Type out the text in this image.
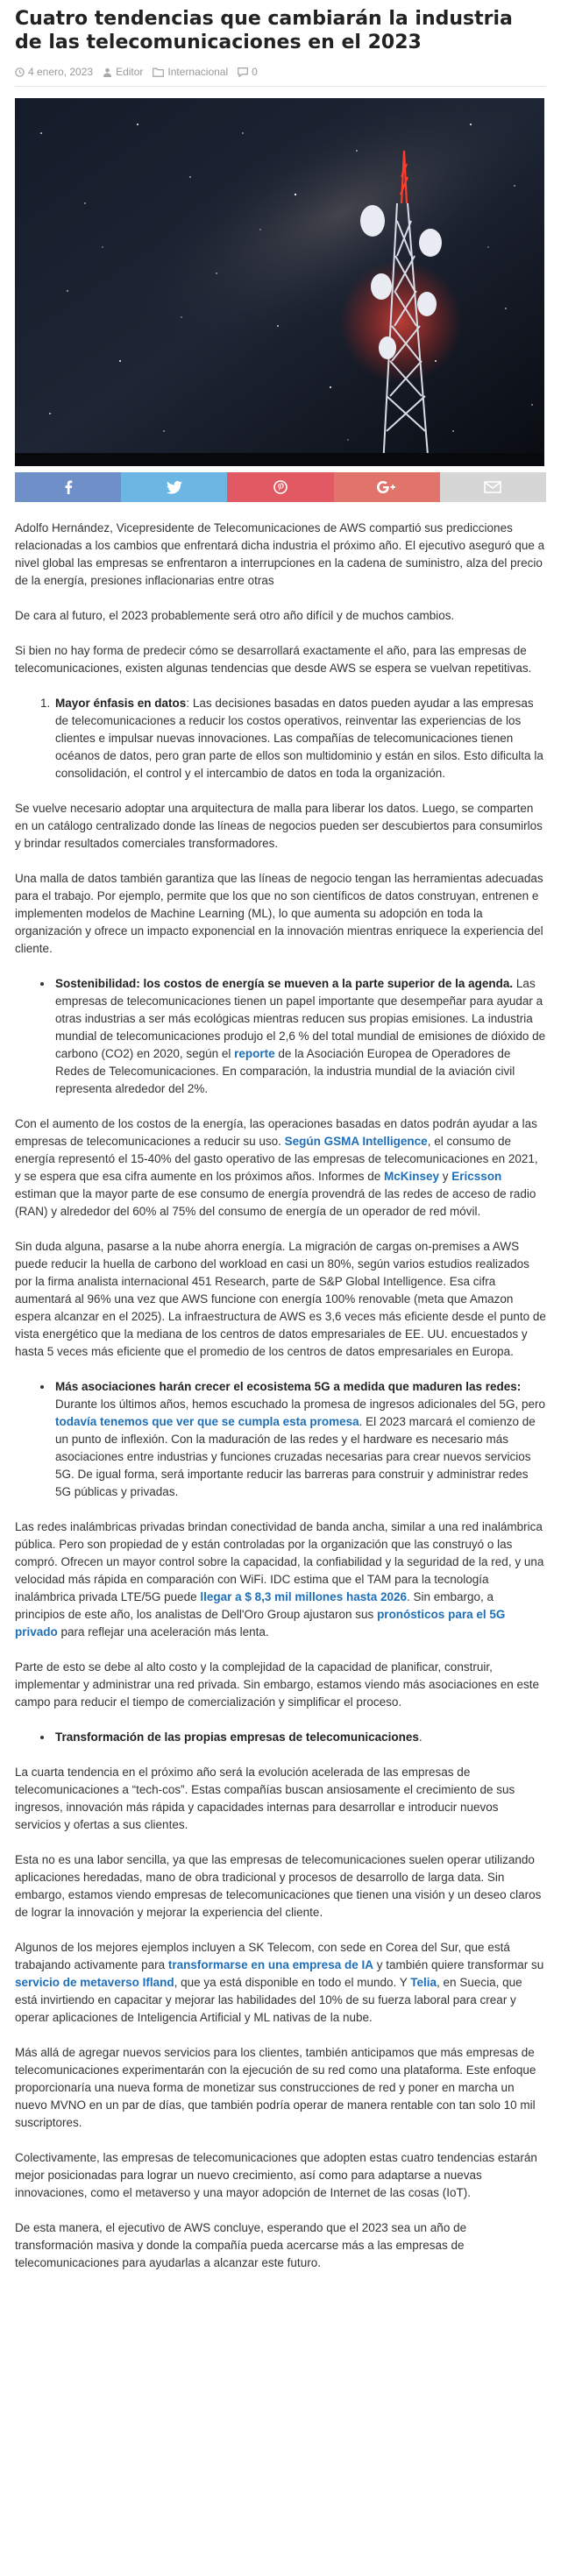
Cuatro tendencias que cambiarán la industria de las telecomunicaciones en el 2023
4 enero, 2023 Editor Internacional 0

Adolfo Hernández, Vicepresidente de Telecomunicaciones de AWS compartió sus predicciones relacionadas a los cambios que enfrentará dicha industria el próximo año. El ejecutivo aseguró que a nivel global las empresas se enfrentaron a interrupciones en la cadena de suministro, alza del precio de la energía, presiones inflacionarias entre otras

De cara al futuro, el 2023 probablemente será otro año difícil y de muchos cambios.

Si bien no hay forma de predecir cómo se desarrollará exactamente el año, para las empresas de telecomunicaciones, existen algunas tendencias que desde AWS se espera se vuelvan repetitivas.

1. Mayor énfasis en datos: Las decisiones basadas en datos pueden ayudar a las empresas de telecomunicaciones a reducir los costos operativos, reinventar las experiencias de los clientes e impulsar nuevas innovaciones. Las compañías de telecomunicaciones tienen océanos de datos, pero gran parte de ellos son multidominio y están en silos. Esto dificulta la consolidación, el control y el intercambio de datos en toda la organización.

Se vuelve necesario adoptar una arquitectura de malla para liberar los datos. Luego, se comparten en un catálogo centralizado donde las líneas de negocios pueden ser descubiertos para consumirlos y brindar resultados comerciales transformadores.

Una malla de datos también garantiza que las líneas de negocio tengan las herramientas adecuadas para el trabajo. Por ejemplo, permite que los que no son científicos de datos construyan, entrenen e implementen modelos de Machine Learning (ML), lo que aumenta su adopción en toda la organización y ofrece un impacto exponencial en la innovación mientras enriquece la experiencia del cliente.

• Sostenibilidad: los costos de energía se mueven a la parte superior de la agenda. Las empresas de telecomunicaciones tienen un papel importante que desempeñar para ayudar a otras industrias a ser más ecológicas mientras reducen sus propias emisiones. La industria mundial de telecomunicaciones produjo el 2,6 % del total mundial de emisiones de dióxido de carbono (CO2) en 2020, según el reporte de la Asociación Europea de Operadores de Redes de Telecomunicaciones. En comparación, la industria mundial de la aviación civil representa alrededor del 2%.

Con el aumento de los costos de la energía, las operaciones basadas en datos podrán ayudar a las empresas de telecomunicaciones a reducir su uso. Según GSMA Intelligence, el consumo de energía representó el 15-40% del gasto operativo de las empresas de telecomunicaciones en 2021, y se espera que esa cifra aumente en los próximos años. Informes de McKinsey y Ericsson estiman que la mayor parte de ese consumo de energía provendrá de las redes de acceso de radio (RAN) y alrededor del 60% al 75% del consumo de energía de un operador de red móvil.

Sin duda alguna, pasarse a la nube ahorra energía. La migración de cargas on-premises a AWS puede reducir la huella de carbono del workload en casi un 80%, según varios estudios realizados por la firma analista internacional 451 Research, parte de S&P Global Intelligence. Esa cifra aumentará al 96% una vez que AWS funcione con energía 100% renovable (meta que Amazon espera alcanzar en el 2025). La infraestructura de AWS es 3,6 veces más eficiente desde el punto de vista energético que la mediana de los centros de datos empresariales de EE. UU. encuestados y hasta 5 veces más eficiente que el promedio de los centros de datos empresariales en Europa.

• Más asociaciones harán crecer el ecosistema 5G a medida que maduren las redes: Durante los últimos años, hemos escuchado la promesa de ingresos adicionales del 5G, pero todavía tenemos que ver que se cumpla esta promesa. El 2023 marcará el comienzo de un punto de inflexión. Con la maduración de las redes y el hardware es necesario más asociaciones entre industrias y funciones cruzadas necesarias para crear nuevos servicios 5G. De igual forma, será importante reducir las barreras para construir y administrar redes 5G públicas y privadas.

Las redes inalámbricas privadas brindan conectividad de banda ancha, similar a una red inalámbrica pública. Pero son propiedad de y están controladas por la organización que las construyó o las compró. Ofrecen un mayor control sobre la capacidad, la confiabilidad y la seguridad de la red, y una velocidad más rápida en comparación con WiFi. IDC estima que el TAM para la tecnología inalámbrica privada LTE/5G puede llegar a $ 8,3 mil millones hasta 2026. Sin embargo, a principios de este año, los analistas de Dell'Oro Group ajustaron sus pronósticos para el 5G privado para reflejar una aceleración más lenta.

Parte de esto se debe al alto costo y la complejidad de la capacidad de planificar, construir, implementar y administrar una red privada. Sin embargo, estamos viendo más asociaciones en este campo para reducir el tiempo de comercialización y simplificar el proceso.

• Transformación de las propias empresas de telecomunicaciones.

La cuarta tendencia en el próximo año será la evolución acelerada de las empresas de telecomunicaciones a “tech-cos”. Estas compañías buscan ansiosamente el crecimiento de sus ingresos, innovación más rápida y capacidades internas para desarrollar e introducir nuevos servicios y ofertas a sus clientes.

Esta no es una labor sencilla, ya que las empresas de telecomunicaciones suelen operar utilizando aplicaciones heredadas, mano de obra tradicional y procesos de desarrollo de larga data. Sin embargo, estamos viendo empresas de telecomunicaciones que tienen una visión y un deseo claros de lograr la innovación y mejorar la experiencia del cliente.

Algunos de los mejores ejemplos incluyen a SK Telecom, con sede en Corea del Sur, que está trabajando activamente para transformarse en una empresa de IA y también quiere transformar su servicio de metaverso Ifland, que ya está disponible en todo el mundo. Y Telia, en Suecia, que está invirtiendo en capacitar y mejorar las habilidades del 10% de su fuerza laboral para crear y operar aplicaciones de Inteligencia Artificial y ML nativas de la nube.

Más allá de agregar nuevos servicios para los clientes, también anticipamos que más empresas de telecomunicaciones experimentarán con la ejecución de su red como una plataforma. Este enfoque proporcionaría una nueva forma de monetizar sus construcciones de red y poner en marcha un nuevo MVNO en un par de días, que también podría operar de manera rentable con tan solo 10 mil suscriptores.

Colectivamente, las empresas de telecomunicaciones que adopten estas cuatro tendencias estarán mejor posicionadas para lograr un nuevo crecimiento, así como para adaptarse a nuevas innovaciones, como el metaverso y una mayor adopción de Internet de las cosas (IoT).

De esta manera, el ejecutivo de AWS concluye, esperando que el 2023 sea un año de transformación masiva y donde la compañía pueda acercarse más a las empresas de telecomunicaciones para ayudarlas a alcanzar este futuro.
